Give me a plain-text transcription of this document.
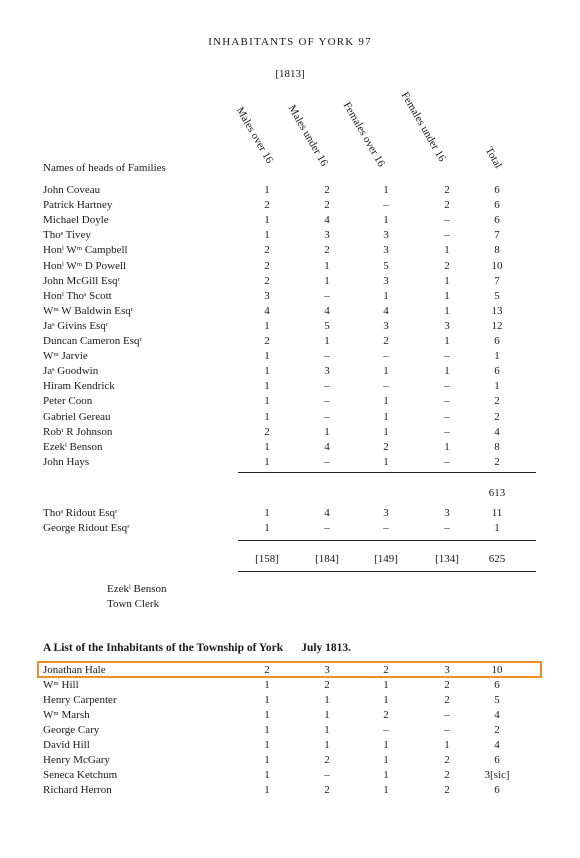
INHABITANTS OF YORK 97
[1813]
Males over 16 Males under 16 Females over 16 Females under 16	Total
Names of heads of Families
John Coveau	1	2	1	2	6
Patrick Hartney	2	2	–	2	6
Michael Doyle	1	4	1	–	6
Thoˢ Tivey	1	3	3	–	7
Honˡ Wᵐ Campbell	2	2	3	1	8
Honˡ Wᵐ D Powell	2	1	5	2	10
John McGill Esqʳ	2	1	3	1	7
Honˡ Thoˢ Scott	3	–	1	1	5
Wᵐ W Baldwin Esqʳ	4	4	4	1	13
Jaˢ Givins Esqʳ	1	5	3	3	12
Duncan Cameron Esqʳ	2	1	2	1	6
Wᵐ Jarvie	1	–	–	–	1
Jaˢ Goodwin	1	3	1	1	6
Hiram Kendrick	1	–	–	–	1
Peter Coon	1	–	1	–	2
Gabriel Gereau	1	–	1	–	2
Robᵗ R Johnson	2	1	1	–	4
Ezekˡ Benson	1	4	2	1	8
John Hays	1	–	1	–	2
613
Thoˢ Ridout Esqʳ	1	4	3	3	11
George Ridout Esqʳ	1	–	–	–	1
[158]	[184]	[149]	[134]	625
Ezekˡ Benson
Town Clerk
A List of the Inhabitants of the Township of York July 1813.
Jonathan Hale	2	3	2	3	10
Wᵐ Hill	1	2	1	2	6
Henry Carpenter	1	1	1	2	5
Wᵐ Marsh	1	1	2	–	4
George Cary	1	1	–	–	2
David Hill	1	1	1	1	4
Henry McGary	1	2	1	2	6
Seneca Ketchum	1	–	1	2	3[sic]
Richard Herron	1	2	1	2	6
